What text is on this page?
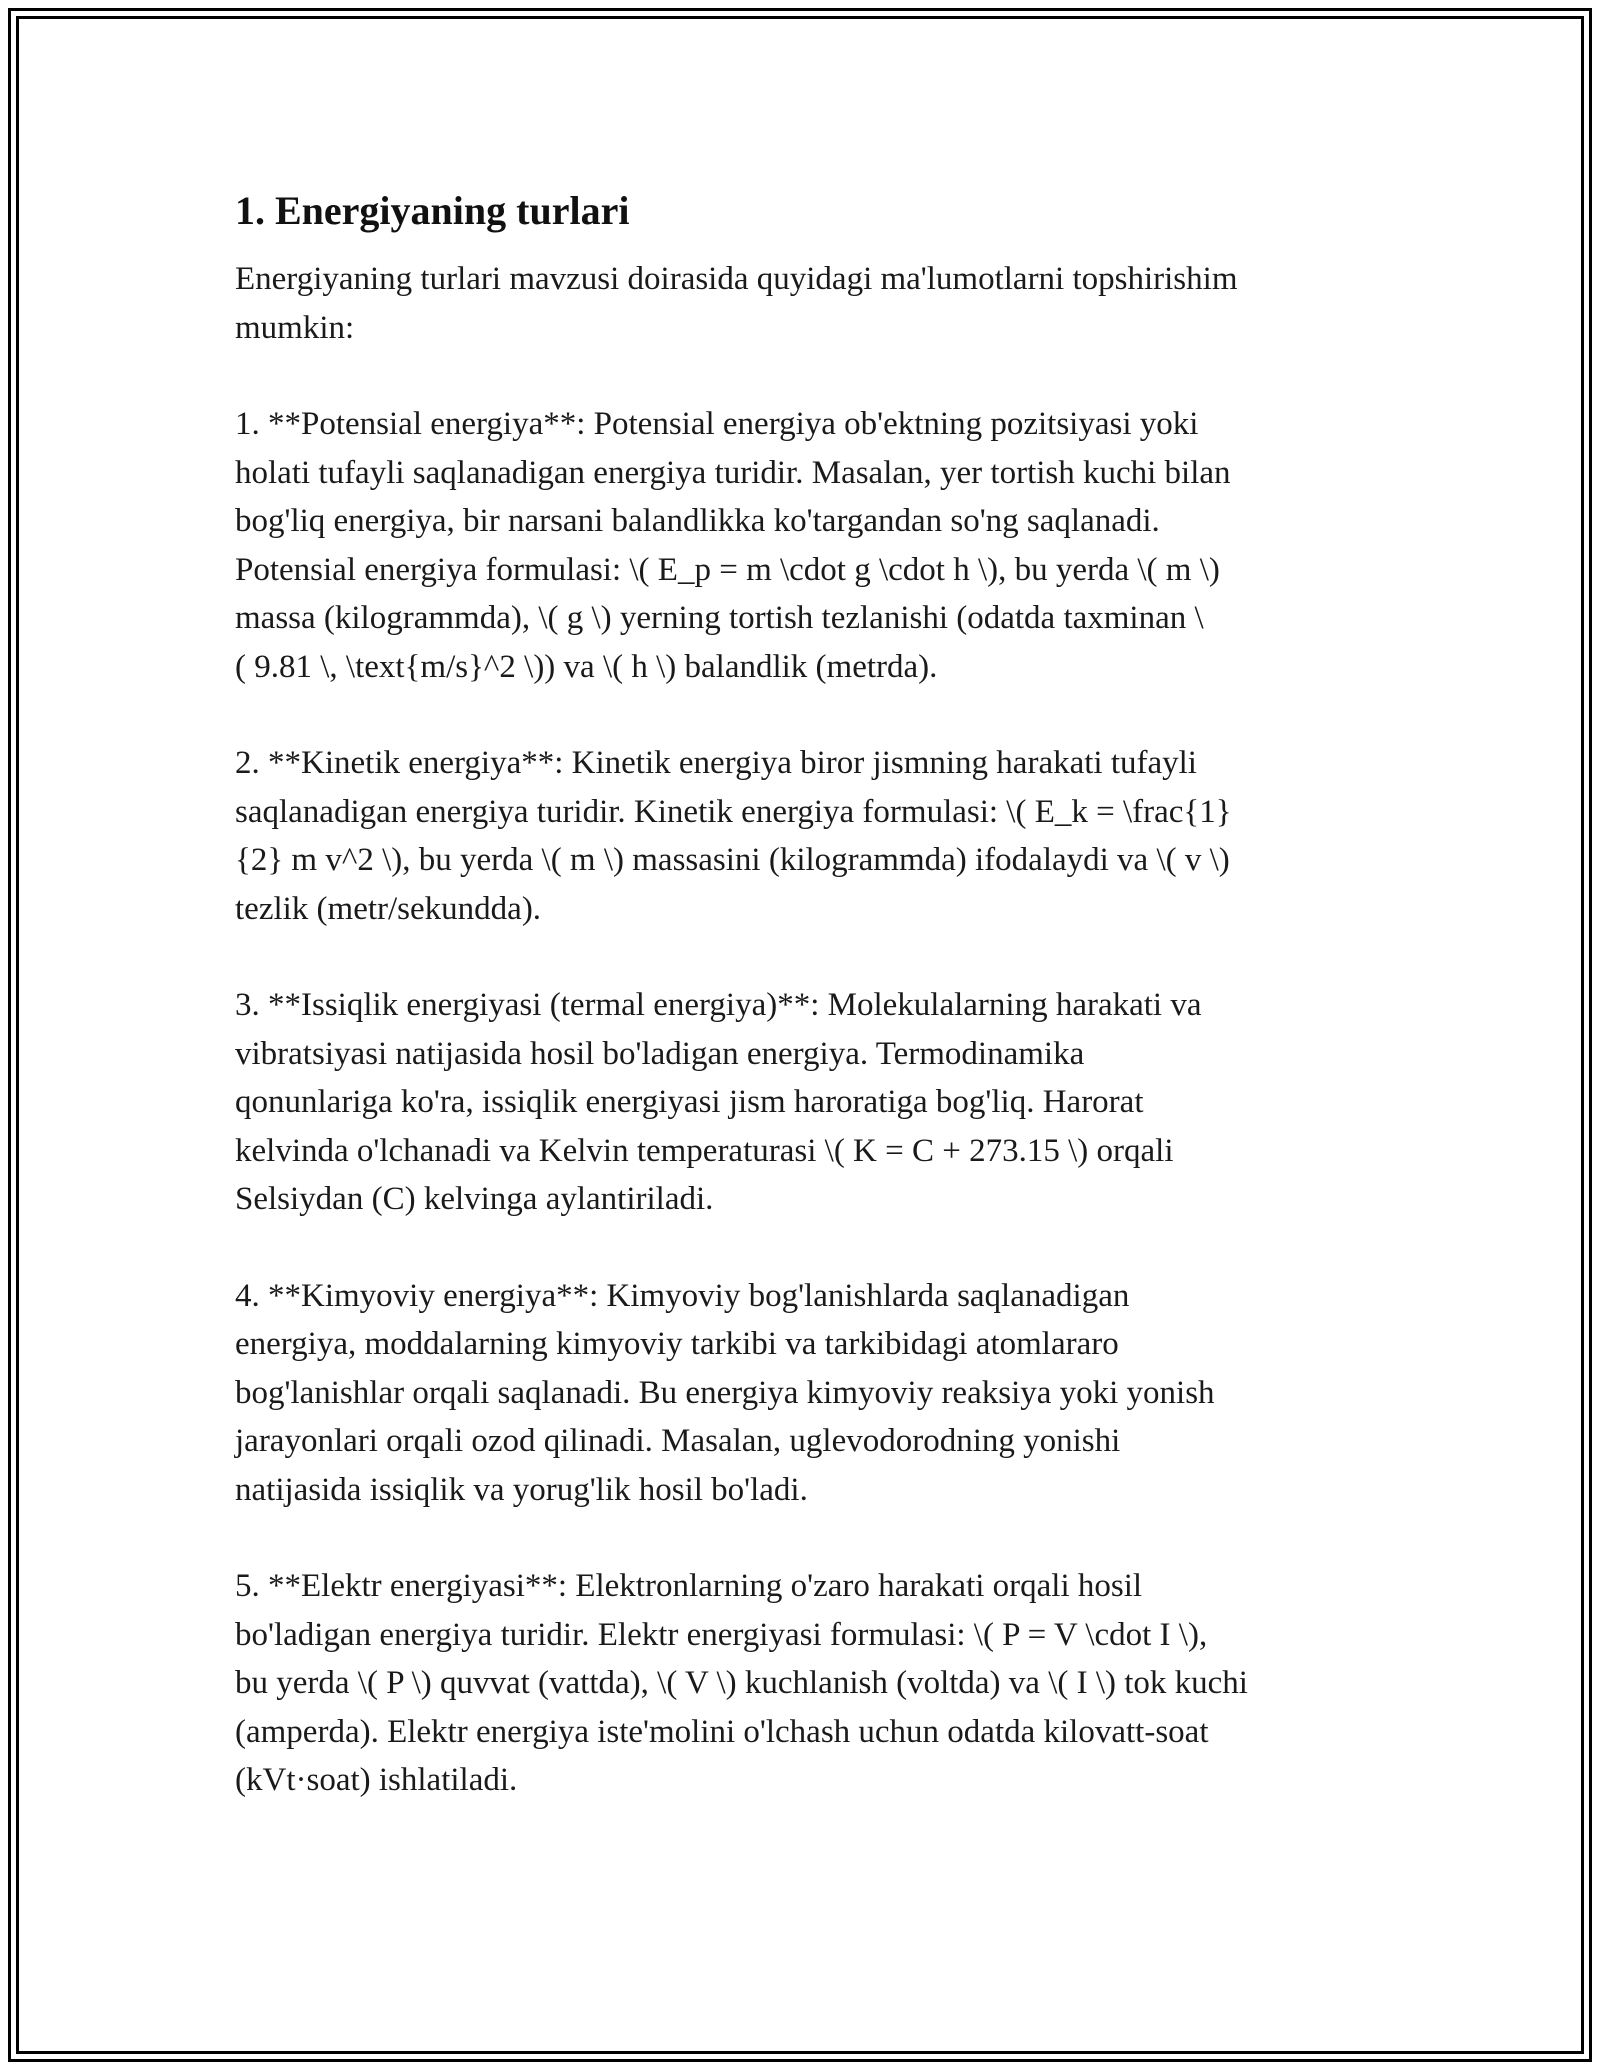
1. Energiyaning turlari

Energiyaning turlari mavzusi doirasida quyidagi ma'lumotlarni topshirishim
mumkin:

1. **Potensial energiya**: Potensial energiya ob'ektning pozitsiyasi yoki
holati tufayli saqlanadigan energiya turidir. Masalan, yer tortish kuchi bilan
bog'liq energiya, bir narsani balandlikka ko'targandan so'ng saqlanadi.
Potensial energiya formulasi: \( E_p = m \cdot g \cdot h \), bu yerda \( m \)
massa (kilogrammda), \( g \) yerning tortish tezlanishi (odatda taxminan \
( 9.81 \, \text{m/s}^2 \)) va \( h \) balandlik (metrda).

2. **Kinetik energiya**: Kinetik energiya biror jismning harakati tufayli
saqlanadigan energiya turidir. Kinetik energiya formulasi: \( E_k = \frac{1}
{2} m v^2 \), bu yerda \( m \) massasini (kilogrammda) ifodalaydi va \( v \)
tezlik (metr/sekundda).

3. **Issiqlik energiyasi (termal energiya)**: Molekulalarning harakati va
vibratsiyasi natijasida hosil bo'ladigan energiya. Termodinamika
qonunlariga ko'ra, issiqlik energiyasi jism haroratiga bog'liq. Harorat
kelvinda o'lchanadi va Kelvin temperaturasi \( K = C + 273.15 \) orqali
Selsiydan (C) kelvinga aylantiriladi.

4. **Kimyoviy energiya**: Kimyoviy bog'lanishlarda saqlanadigan
energiya, moddalarning kimyoviy tarkibi va tarkibidagi atomlararo
bog'lanishlar orqali saqlanadi. Bu energiya kimyoviy reaksiya yoki yonish
jarayonlari orqali ozod qilinadi. Masalan, uglevodorodning yonishi
natijasida issiqlik va yorug'lik hosil bo'ladi.

5. **Elektr energiyasi**: Elektronlarning o'zaro harakati orqali hosil
bo'ladigan energiya turidir. Elektr energiyasi formulasi: \( P = V \cdot I \),
bu yerda \( P \) quvvat (vattda), \( V \) kuchlanish (voltda) va \( I \) tok kuchi
(amperda). Elektr energiya iste'molini o'lchash uchun odatda kilovatt-soat
(kVt·soat) ishlatiladi.
